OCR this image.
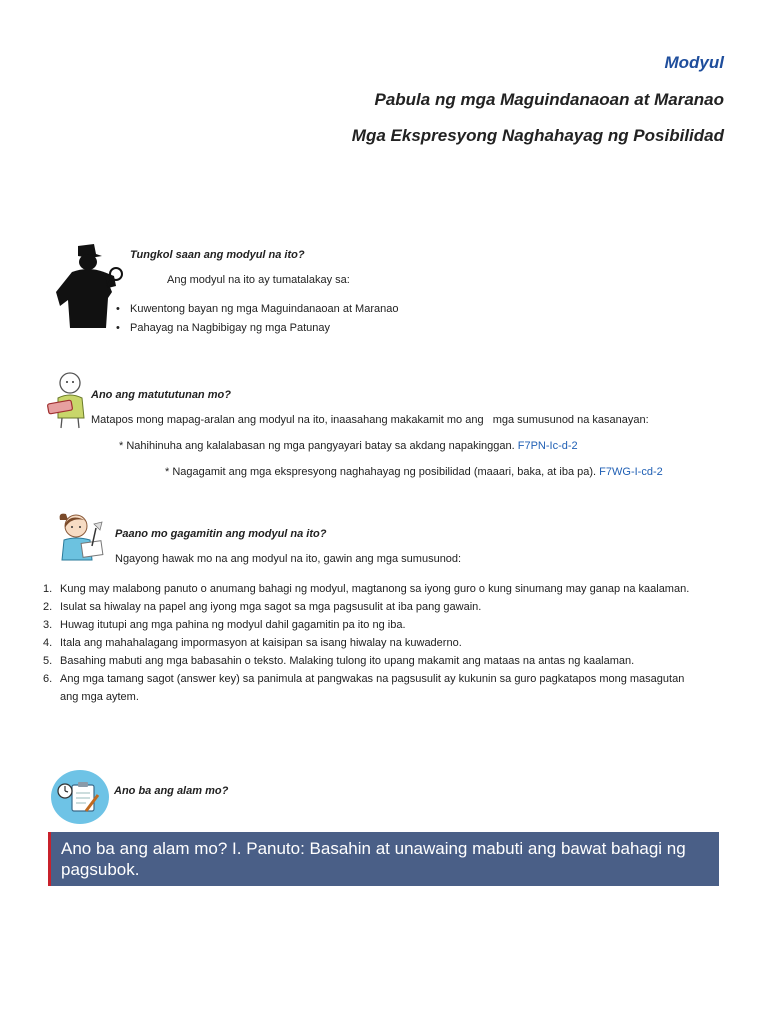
Modyul
Pabula ng mga Maguindanaoan at Maranao
Mga Ekspresyong Naghahayag ng Posibilidad
Tungkol saan ang modyul na ito?
Ang modyul na ito ay tumatalakay sa:
• Kuwentong bayan ng mga Maguindanaoan at Maranao
• Pahayag na Nagbibigay ng mga Patunay
Ano ang matututunan mo?
Matapos mong mapag-aralan ang modyul na ito, inaasahang makakamit mo ang   mga sumusunod na kasanayan:
* Nahihinuha ang kalalabasan ng mga pangyayari batay sa akdang napakinggan. F7PN-Ic-d-2
* Nagagamit ang mga ekspresyong naghahayag ng posibilidad (maaari, baka, at iba pa). F7WG-I-cd-2
Paano mo gagamitin ang modyul na ito?
Ngayong hawak mo na ang modyul na ito, gawin ang mga sumusunod:
Kung may malabong panuto o anumang bahagi ng modyul, magtanong sa iyong guro o kung sinumang may ganap na kaalaman.
Isulat sa hiwalay na papel ang iyong mga sagot sa mga pagsusulit at iba pang gawain.
Huwag itutupi ang mga pahina ng modyul dahil gagamitin pa ito ng iba.
Itala ang mahahalagang impormasyon at kaisipan sa isang hiwalay na kuwaderno.
Basahing mabuti ang mga babasahin o teksto. Malaking tulong ito upang makamit ang mataas na antas ng kaalaman.
Ang mga tamang sagot (answer key) sa panimula at pangwakas na pagsusulit ay kukunin sa guro pagkatapos mong masagutan ang mga aytem.
Ano ba ang alam mo?
Ano ba ang alam mo? I. Panuto: Basahin at unawaing mabuti ang bawat bahagi ng pagsubok.
